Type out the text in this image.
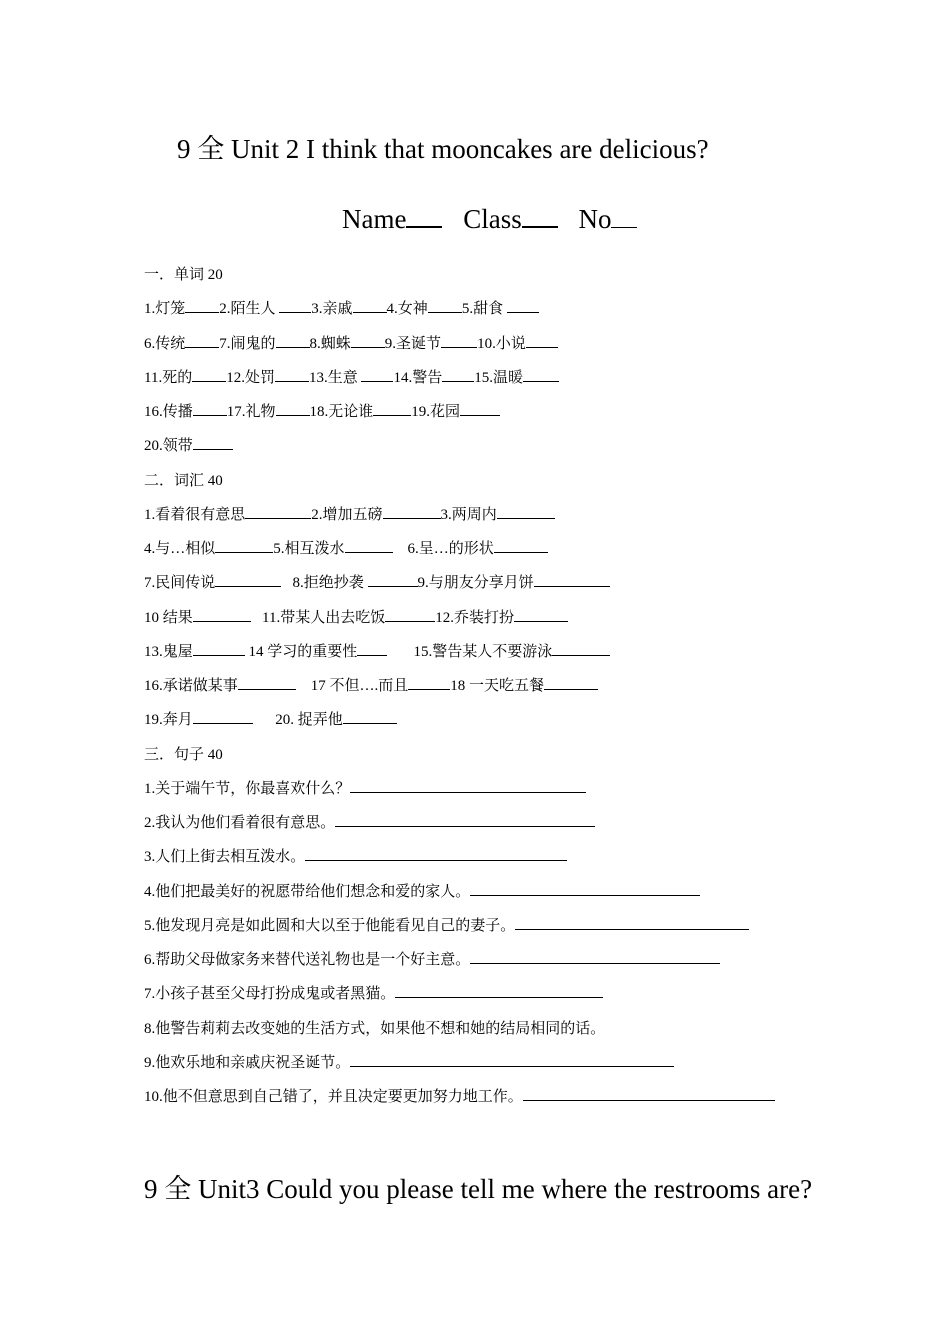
9 全 Unit 2 I think that mooncakes are delicious?
Name Class No
一．单词 20
1.灯笼 2.陌生人 3.亲戚 4.女神5.甜食
6.传统 7.闹鬼的8.蜘蛛9.圣诞节10.小说
11.死的 12.处罚 13.生意 14.警告15.温暖
16.传播 17.礼物 18.无论谁	19.花园
20.领带
二．词汇 40
1.看着很有意思	2.增加五磅	3.两周内
4.与…相似	5.相互泼水	6.呈…的形状
7.民间传说	8.拒绝抄袭	9.与朋友分享月饼
10 结果	11.带某人出去吃饭	12.乔装打扮
13.鬼屋	14 学习的重要性       15.警告某人不要游泳
16.承诺做某事	17 不但….而且	18 一天吃五餐
19.奔月	20. 捉弄他
三．句子 40
1.关于端午节，你最喜欢什么？
2.我认为他们看着很有意思。
3.人们上街去相互泼水。
4.他们把最美好的祝愿带给他们想念和爱的家人。
5.他发现月亮是如此圆和大以至于他能看见自己的妻子。
6.帮助父母做家务来替代送礼物也是一个好主意。
7.小孩子甚至父母打扮成鬼或者黑猫。
8.他警告莉莉去改变她的生活方式，如果他不想和她的结局相同的话。
9.他欢乐地和亲戚庆祝圣诞节。
10.他不但意思到自己错了，并且决定要更加努力地工作。
9 全 Unit3 Could you please tell me where the restrooms are?
